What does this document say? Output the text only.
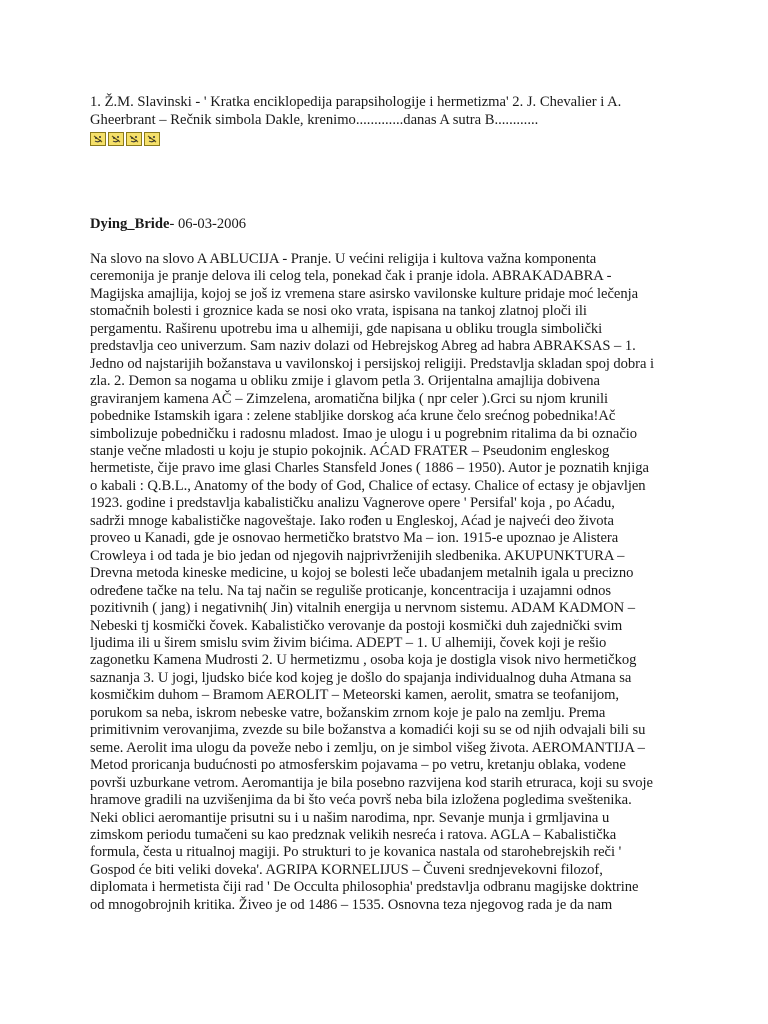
1. Ž.M. Slavinski - ' Kratka enciklopedija parapsihologije i hermetizma' 2. J. Chevalier i A.
Gheerbrant – Rečnik simbola Dakle, krenimo.............danas A sutra B............

Dying_Bride- 06-03-2006
Na slovo na slovo A ABLUCIJA - Pranje. U većini religija i kultova važna komponenta
ceremonija je pranje delova ili celog tela, ponekad čak i pranje idola. ABRAKADABRA -
Magijska amajlija, kojoj se još iz vremena stare asirsko vavilonske kulture pridaje moć lečenja
stomačnih bolesti i groznice kada se nosi oko vrata, ispisana na tankoj zlatnoj ploči ili
pergamentu. Raširenu upotrebu ima u alhemiji, gde napisana u obliku trougla simbolički
predstavlja ceo univerzum. Sam naziv dolazi od Hebrejskog Abreg ad habra ABRAKSAS – 1.
Jedno od najstarijih božanstava u vavilonskoj i persijskoj religiji. Predstavlja skladan spoj dobra i
zla. 2. Demon sa nogama u obliku zmije i glavom petla 3. Orijentalna amajlija dobivena
graviranjem kamena AČ – Zimzelena, aromatična biljka ( npr celer ).Grci su njom krunili
pobednike Istamskih igara : zelene stabljike dorskog aća krune čelo srećnog pobednika!Ač
simbolizuje pobedničku i radosnu mladost. Imao je ulogu i u pogrebnim ritalima da bi označio
stanje večne mladosti u koju je stupio pokojnik. AĆAD FRATER – Pseudonim engleskog
hermetiste, čije pravo ime glasi Charles Stansfeld Jones ( 1886 – 1950). Autor je poznatih knjiga
o kabali : Q.B.L., Anatomy of the body of God, Chalice of ectasy. Chalice of ectasy je objavljen
1923. godine i predstavlja kabalističku analizu Vagnerove opere ' Persifal' koja , po Aćadu,
sadrži mnoge kabalističke nagoveštaje. Iako rođen u Engleskoj, Aćad je najveći deo života
proveo u Kanadi, gde je osnovao hermetičko bratstvo Ma – ion. 1915-e upoznao je Alistera
Crowleya i od tada je bio jedan od njegovih najprivrženijih sledbenika. AKUPUNKTURA –
Drevna metoda kineske medicine, u kojoj se bolesti leče ubadanjem metalnih igala u precizno
određene tačke na telu. Na taj način se reguliše proticanje, koncentracija i uzajamni odnos
pozitivnih ( jang) i negativnih( Jin) vitalnih energija u nervnom sistemu. ADAM KADMON –
Nebeski tj kosmički čovek. Kabalističko verovanje da postoji kosmički duh zajednički svim
ljudima ili u širem smislu svim živim bićima. ADEPT – 1. U alhemiji, čovek koji je rešio
zagonetku Kamena Mudrosti 2. U hermetizmu , osoba koja je dostigla visok nivo hermetičkog
saznanja 3. U jogi, ljudsko biće kod kojeg je došlo do spajanja individualnog duha Atmana sa
kosmičkim duhom – Bramom AEROLIT – Meteorski kamen, aerolit, smatra se teofanijom,
porukom sa neba, iskrom nebeske vatre, božanskim zrnom koje je palo na zemlju. Prema
primitivnim verovanjima, zvezde su bile božanstva a komadići koji su se od njih odvajali bili su
seme. Aerolit ima ulogu da poveže nebo i zemlju, on je simbol višeg života. AEROMANTIJA –
Metod proricanja budućnosti po atmosferskim pojavama – po vetru, kretanju oblaka, vodene
površi uzburkane vetrom. Aeromantija je bila posebno razvijena kod starih etruraca, koji su svoje
hramove gradili na uzvišenjima da bi što veća površ neba bila izložena pogledima sveštenika.
Neki oblici aeromantije prisutni su i u našim narodima, npr. Sevanje munja i grmljavina u
zimskom periodu tumačeni su kao predznak velikih nesreća i ratova. AGLA – Kabalistička
formula, česta u ritualnoj magiji. Po strukturi to je kovanica nastala od starohebrejskih reči '
Gospod će biti veliki doveka'. AGRIPA KORNELIJUS – Čuveni srednjevekovni filozof,
diplomata i hermetista čiji rad ' De Occulta philosophia' predstavlja odbranu magijske doktrine
od mnogobrojnih kritika. Živeo je od 1486 – 1535. Osnovna teza njegovog rada je da nam
